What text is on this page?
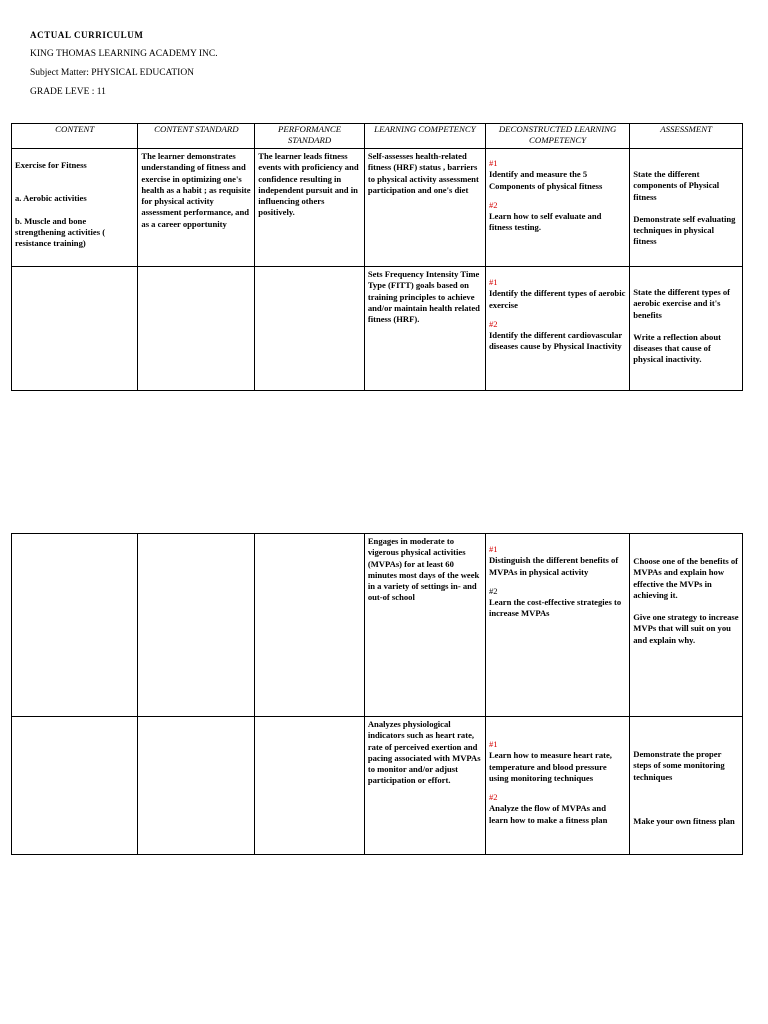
ACTUAL CURRICULUM
KING THOMAS LEARNING ACADEMY INC.
Subject Matter: PHYSICAL EDUCATION
GRADE LEVE : 11
CONTENT	CONTENT STANDARD	PERFORMANCE STANDARD	LEARNING COMPETENCY	DECONSTRUCTED LEARNING COMPETENCY	ASSESSMENT

Exercise for Fitness
a. Aerobic activities
b. Muscle and bone strengthening activities ( resistance training)	The learner demonstrates understanding of fitness and exercise in optimizing one's health as a habit ; as requisite for physical activity assessment performance, and as a career opportunity	The learner leads fitness events with proficiency and confidence resulting in independent pursuit and in influencing others positively.	Self-assesses health-related fitness (HRF) status , barriers to physical activity assessment participation and one's diet	#1
Identify and measure the 5 Components of physical fitness
#2
Learn how to self evaluate and fitness testing.	State the different components of Physical fitness
Demonstrate self evaluating techniques in physical fitness

			Sets Frequency Intensity Time Type (FITT) goals based on training principles to achieve and/or maintain health related fitness (HRF).	#1
Identify the different types of aerobic exercise
#2
Identify the different cardiovascular diseases cause by Physical Inactivity	State the different types of aerobic exercise and it's benefits
Write a reflection about diseases that cause of physical inactivity.
			Engages in moderate to vigerous physical activities (MVPAs) for at least 60 minutes most days of the week in a variety of settings in- and out-of school	#1
Distinguish the different benefits of MVPAs in physical activity
#2
Learn the cost-effective strategies to increase MVPAs	Choose one of the benefits of MVPAs and explain how effective the MVPs in achieving it.
Give one strategy to increase MVPs that will suit on you and explain why.

			Analyzes physiological indicators such as heart rate, rate of perceived exertion and pacing associated with MVPAs to monitor and/or adjust participation or effort.	#1
Learn how to measure heart rate, temperature and blood pressure using monitoring techniques
#2
Analyze the flow of MVPAs and learn how to make a fitness plan	Demonstrate the proper steps of some monitoring techniques
Make your own fitness plan
